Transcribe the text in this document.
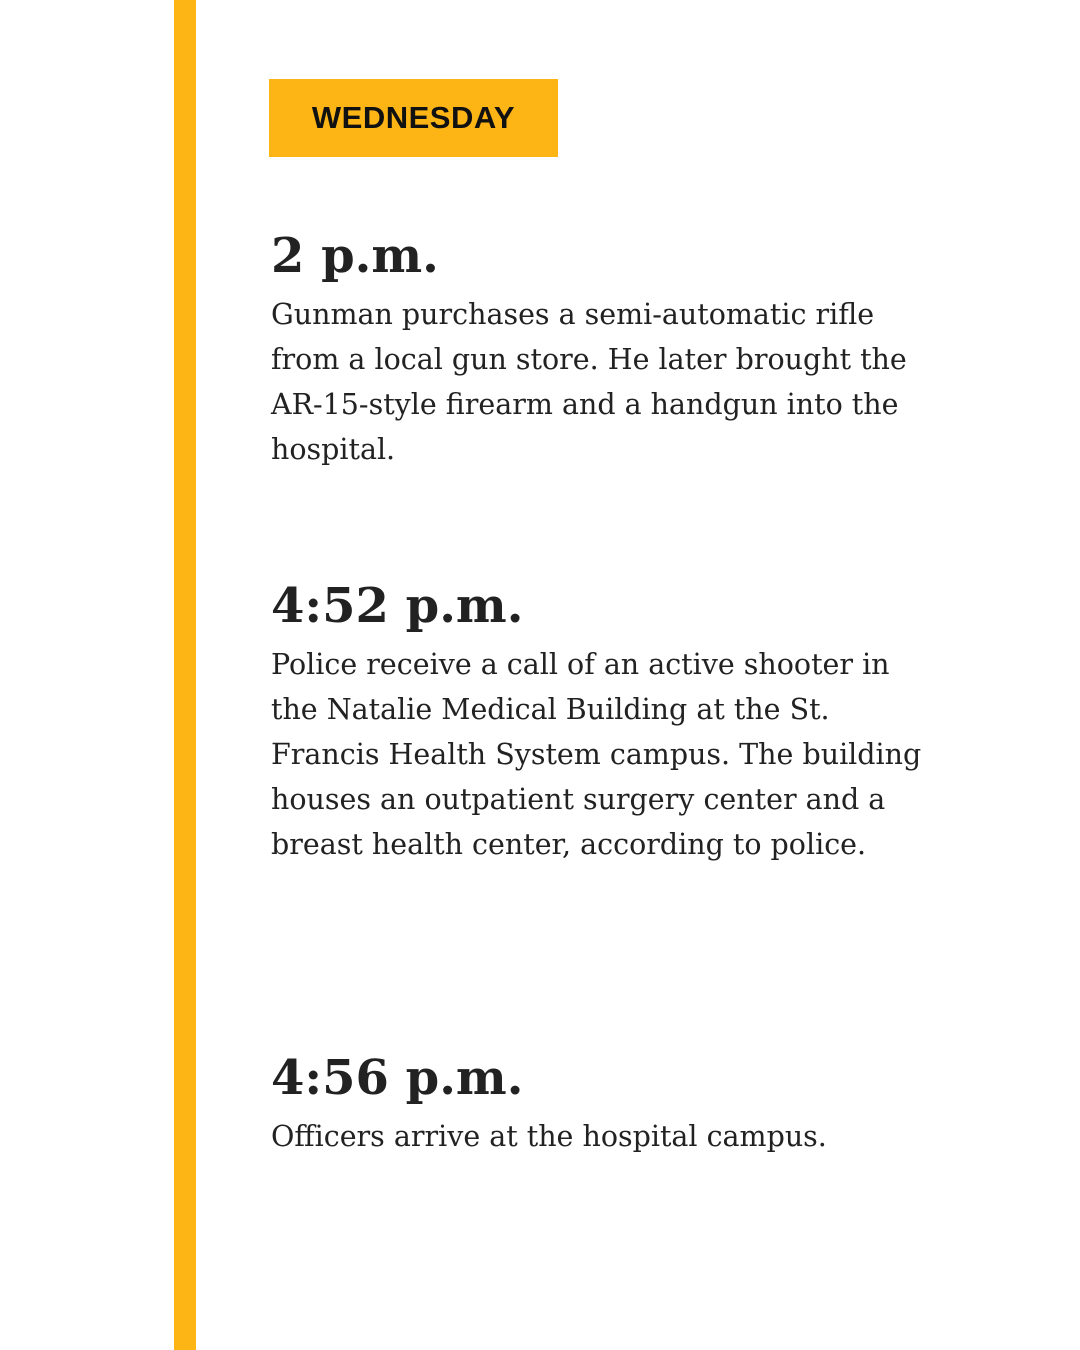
WEDNESDAY
2 p.m.

Gunman purchases a semi-automatic rifle from a local gun store. He later brought the AR-15-style firearm and a handgun into the hospital.

4:52 p.m.

Police receive a call of an active shooter in the Natalie Medical Building at the St. Francis Health System campus. The building houses an outpatient surgery center and a breast health center, according to police.

4:56 p.m.

Officers arrive at the hospital campus.
